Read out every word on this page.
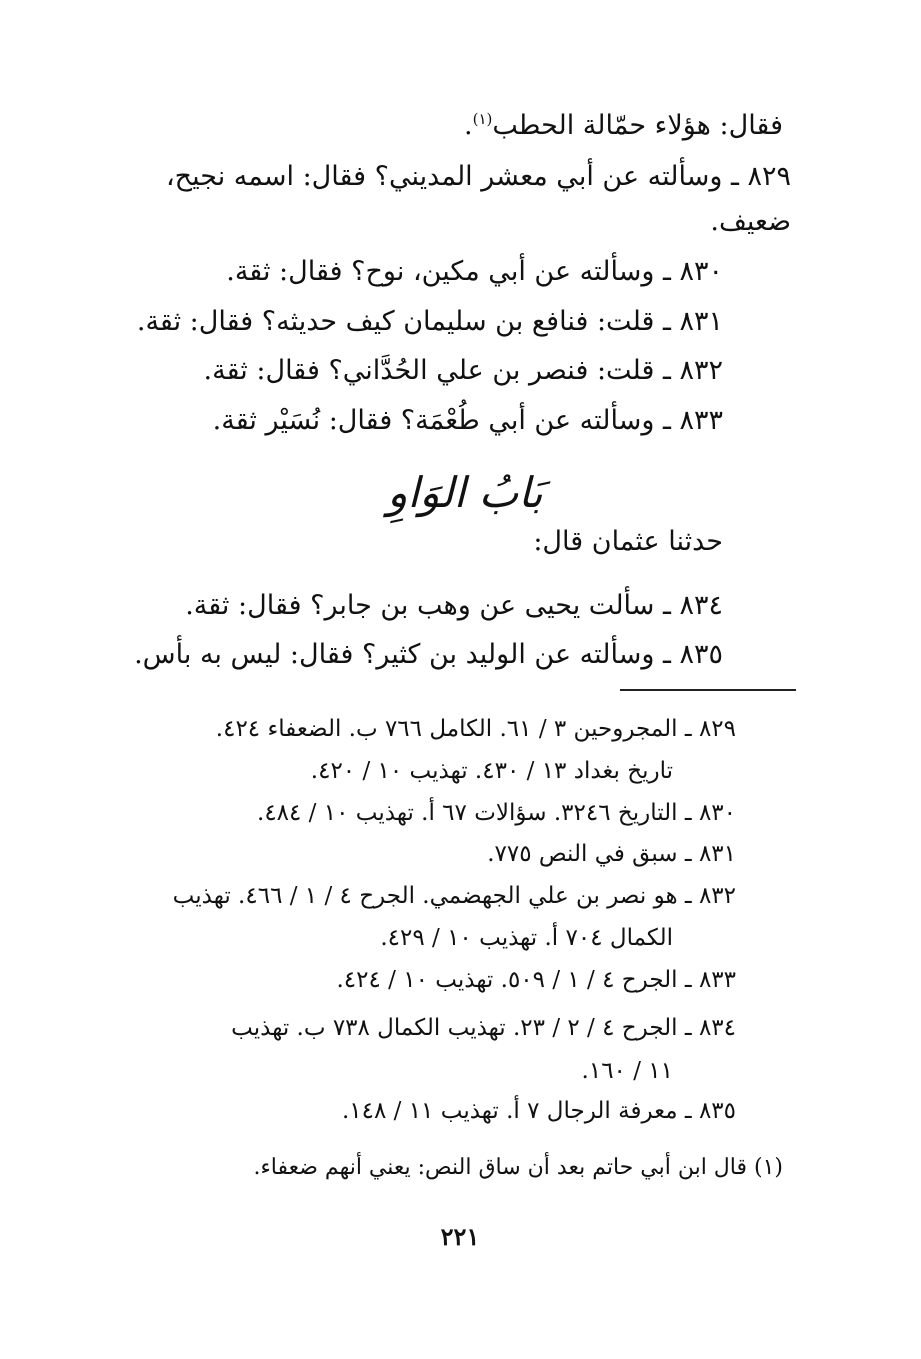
فقال: هؤلاء حمّالة الحطب$^{(١)}$.
٨٢٩ ـ وسألته عن أبي معشر المديني؟ فقال: اسمه نجيح،
ضعيف.
٨٣٠ ـ وسألته عن أبي مكين، نوح؟ فقال: ثقة.
٨٣١ ـ قلت: فنافع بن سليمان كيف حديثه؟ فقال: ثقة.
٨٣٢ ـ قلت: فنصر بن علي الحُدَّاني؟ فقال: ثقة.
٨٣٣ ـ وسألته عن أبي طُعْمَة؟ فقال: نُسَيْر ثقة.
بَابُ الوَاوِ
حدثنا عثمان قال:
٨٣٤ ـ سألت يحيى عن وهب بن جابر؟ فقال: ثقة.
٨٣٥ ـ وسألته عن الوليد بن كثير؟ فقال: ليس به بأس.
٨٢٩ ـ المجروحين ٣ / ٦١. الكامل ٧٦٦ ب. الضعفاء ٤٢٤.
تاريخ بغداد ١٣ / ٤٣٠. تهذيب ١٠ / ٤٢٠.
٨٣٠ ـ التاريخ ٣٢٤٦. سؤالات ٦٧ أ. تهذيب ١٠ / ٤٨٤.
٨٣١ ـ سبق في النص ٧٧٥.
٨٣٢ ـ هو نصر بن علي الجهضمي. الجرح ٤ / ١ / ٤٦٦. تهذيب
الكمال ٧٠٤ أ. تهذيب ١٠ / ٤٢٩.
٨٣٣ ـ الجرح ٤ / ١ / ٥٠٩. تهذيب ١٠ / ٤٢٤.
٨٣٤ ـ الجرح ٤ / ٢ / ٢٣. تهذيب الكمال ٧٣٨ ب. تهذيب
١١ / ١٦٠.
٨٣٥ ـ معرفة الرجال ٧ أ. تهذيب ١١ / ١٤٨.
(١) قال ابن أبي حاتم بعد أن ساق النص: يعني أنهم ضعفاء.
٢٢١
